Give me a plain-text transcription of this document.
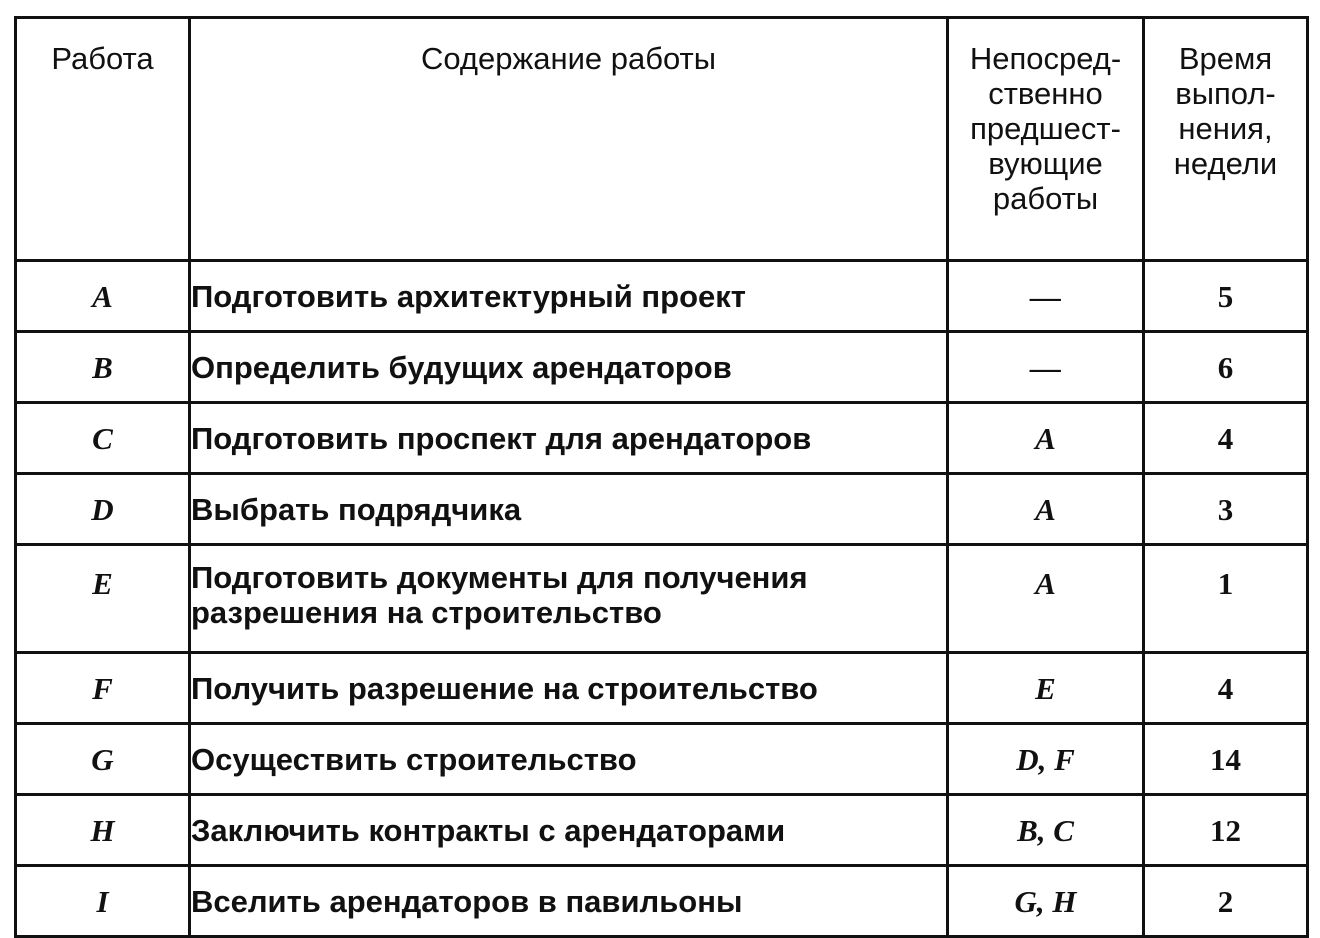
Работа	Содержание работы	Непосред-
ственно
предшест-
вующие
работы	Время
выпол-
нения,
недели
A	Подготовить архитектурный проект	—	5
B	Определить будущих арендаторов	—	6
C	Подготовить проспект для арендаторов	A	4
D	Выбрать подрядчика	A	3
E	Подготовить документы для получения
разрешения на строительство	A	1
F	Получить разрешение на строительство	E	4
G	Осуществить строительство	D, F	14
H	Заключить контракты с арендаторами	B, C	12
I	Вселить арендаторов в павильоны	G, H	2
